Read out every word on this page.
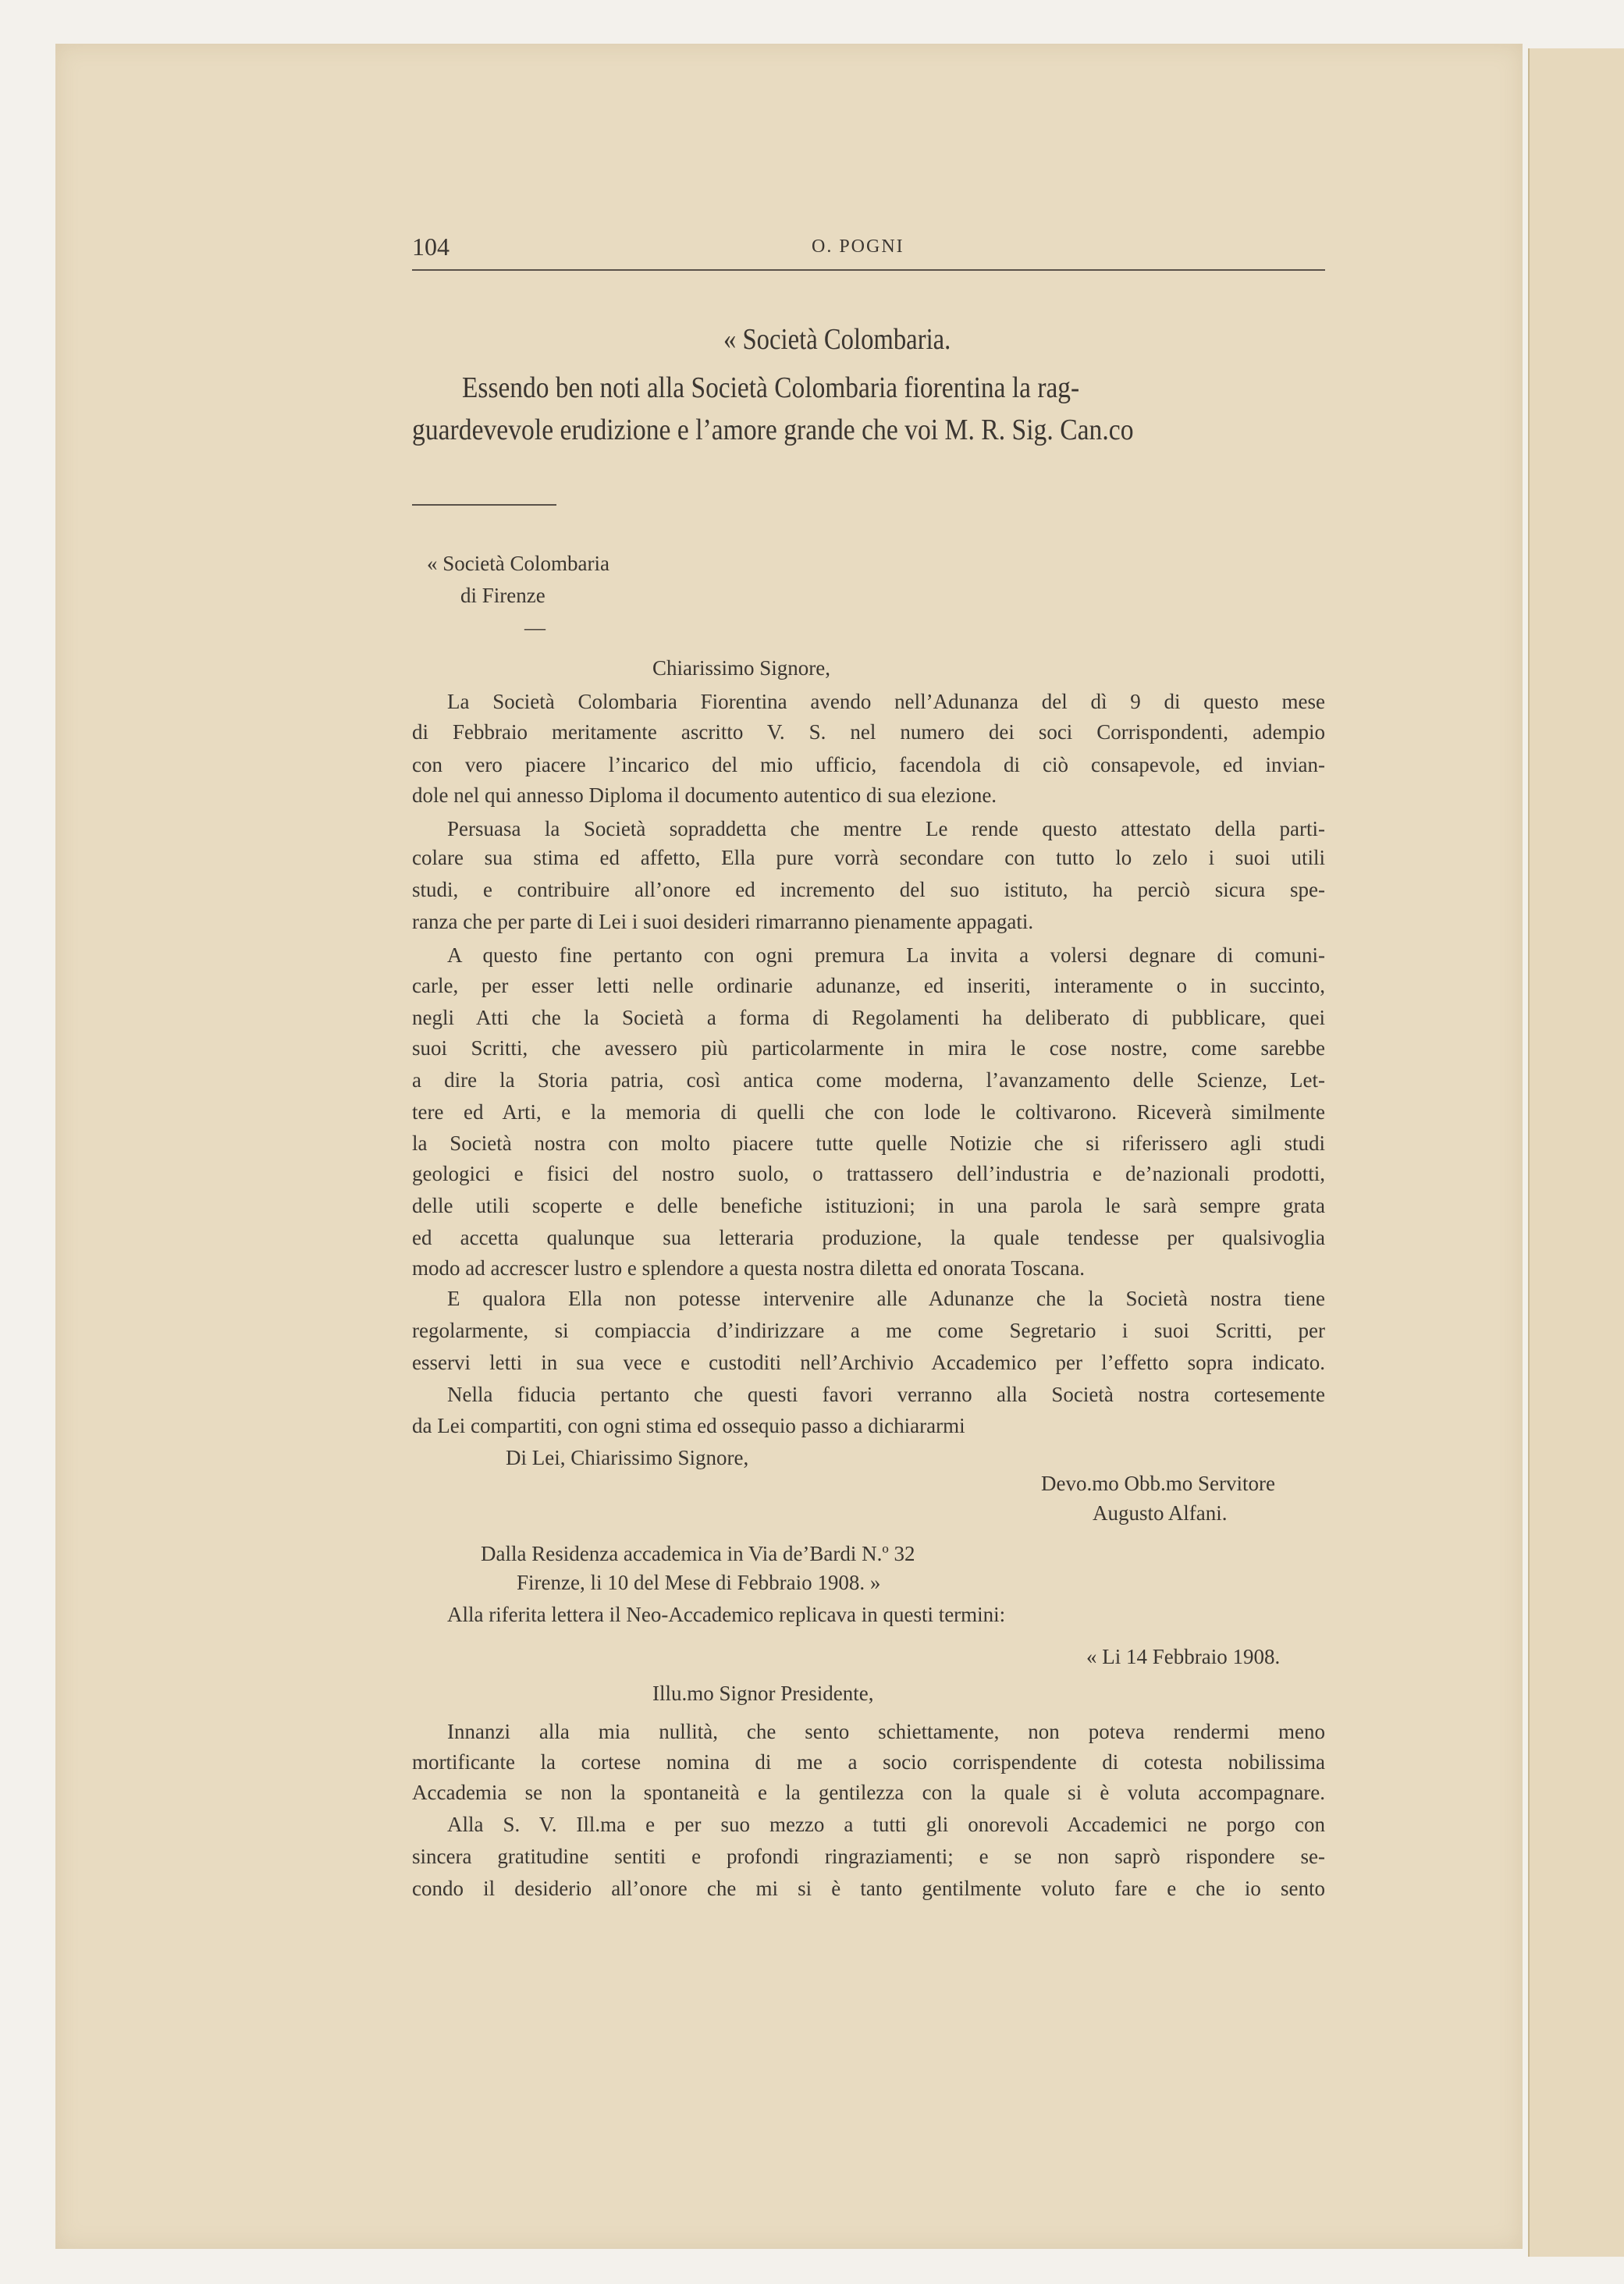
104	O. POGNI
« Società Colombaria.
Essendo ben noti alla Società Colombaria fiorentina la rag-
guardevevole erudizione e l’amore grande che voi M. R. Sig. Can.co
« Società Colombaria
di Firenze
—
Chiarissimo Signore,
La Società Colombaria Fiorentina avendo nell’Adunanza del dì 9 di questo mese
di Febbraio meritamente ascritto V. S. nel numero dei soci Corrispondenti, adempio
con vero piacere l’incarico del mio ufficio, facendola di ciò consapevole, ed invian-
dole nel qui annesso Diploma il documento autentico di sua elezione.
Persuasa la Società sopraddetta che mentre Le rende questo attestato della parti-
colare sua stima ed affetto, Ella pure vorrà secondare con tutto lo zelo i suoi utili
studi, e contribuire all’onore ed incremento del suo istituto, ha perciò sicura spe-
ranza che per parte di Lei i suoi desideri rimarranno pienamente appagati.
A questo fine pertanto con ogni premura La invita a volersi degnare di comuni-
carle, per esser letti nelle ordinarie adunanze, ed inseriti, interamente o in succinto,
negli Atti che la Società a forma di Regolamenti ha deliberato di pubblicare, quei
suoi Scritti, che avessero più particolarmente in mira le cose nostre, come sarebbe
a dire la Storia patria, così antica come moderna, l’avanzamento delle Scienze, Let-
tere ed Arti, e la memoria di quelli che con lode le coltivarono. Riceverà similmente
la Società nostra con molto piacere tutte quelle Notizie che si riferissero agli studi
geologici e fisici del nostro suolo, o trattassero dell’industria e de’nazionali prodotti,
delle utili scoperte e delle benefiche istituzioni; in una parola le sarà sempre grata
ed accetta qualunque sua letteraria produzione, la quale tendesse per qualsivoglia
modo ad accrescer lustro e splendore a questa nostra diletta ed onorata Toscana.
E qualora Ella non potesse intervenire alle Adunanze che la Società nostra tiene
regolarmente, si compiaccia d’indirizzare a me come Segretario i suoi Scritti, per
esservi letti in sua vece e custoditi nell’Archivio Accademico per l’effetto sopra indicato.
Nella fiducia pertanto che questi favori verranno alla Società nostra cortesemente
da Lei compartiti, con ogni stima ed ossequio passo a dichiararmi
Di Lei, Chiarissimo Signore,
Devo.mo Obb.mo Servitore
Augusto Alfani.
Dalla Residenza accademica in Via de’Bardi N.º 32
Firenze, li 10 del Mese di Febbraio 1908. »
Alla riferita lettera il Neo-Accademico replicava in questi termini:
« Li 14 Febbraio 1908.
Illu.mo Signor Presidente,
Innanzi alla mia nullità, che sento schiettamente, non poteva rendermi meno
mortificante la cortese nomina di me a socio corrispendente di cotesta nobilissima
Accademia se non la spontaneità e la gentilezza con la quale si è voluta accompagnare.
Alla S. V. Ill.ma e per suo mezzo a tutti gli onorevoli Accademici ne porgo con
sincera gratitudine sentiti e profondi ringraziamenti; e se non saprò rispondere se-
condo il desiderio all’onore che mi si è tanto gentilmente voluto fare e che io sento
